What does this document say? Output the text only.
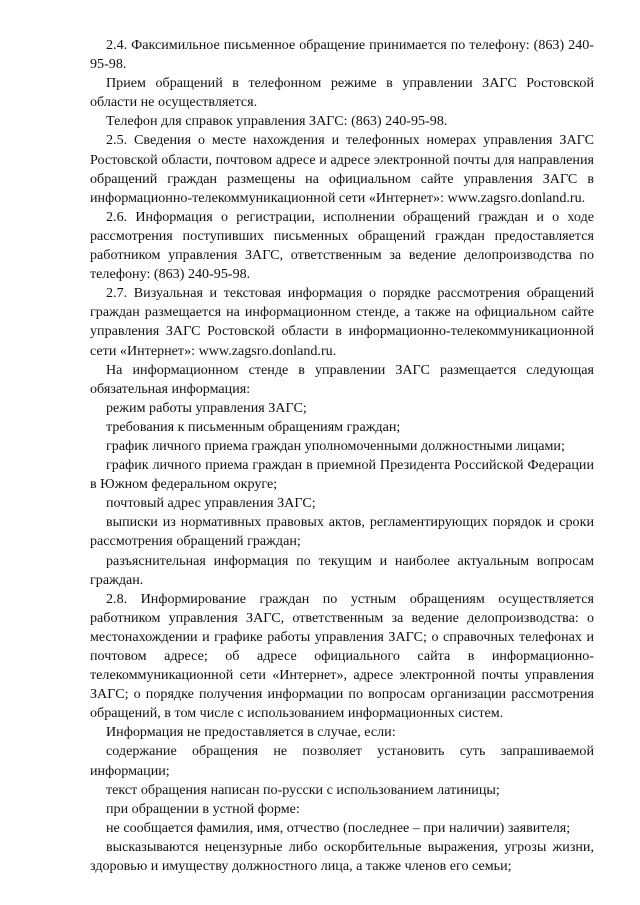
2.4. Факсимильное письменное обращение принимается по телефону: (863) 240-95-98.

Прием обращений в телефонном режиме в управлении ЗАГС Ростовской области не осуществляется.

Телефон для справок управления ЗАГС: (863) 240-95-98.

2.5. Сведения о месте нахождения и телефонных номерах управления ЗАГС Ростовской области, почтовом адресе и адресе электронной почты для направления обращений граждан размещены на официальном сайте управления ЗАГС в информационно-телекоммуникационной сети «Интернет»: www.zagsro.donland.ru.

2.6. Информация о регистрации, исполнении обращений граждан и о ходе рассмотрения поступивших письменных обращений граждан предоставляется работником управления ЗАГС, ответственным за ведение делопроизводства по телефону: (863) 240-95-98.

2.7. Визуальная и текстовая информация о порядке рассмотрения обращений граждан размещается на информационном стенде, а также на официальном сайте управления ЗАГС Ростовской области в информационно-телекоммуникационной сети «Интернет»: www.zagsro.donland.ru.

На информационном стенде в управлении ЗАГС размещается следующая обязательная информация:

режим работы управления ЗАГС;

требования к письменным обращениям граждан;

график личного приема граждан уполномоченными должностными лицами;

график личного приема граждан в приемной Президента Российской Федерации в Южном федеральном округе;

почтовый адрес управления ЗАГС;

выписки из нормативных правовых актов, регламентирующих порядок и сроки рассмотрения обращений граждан;

разъяснительная информация по текущим и наиболее актуальным вопросам граждан.

2.8. Информирование граждан по устным обращениям осуществляется работником управления ЗАГС, ответственным за ведение делопроизводства: о местонахождении и графике работы управления ЗАГС; о справочных телефонах и почтовом адресе; об адресе официального сайта в информационно-телекоммуникационной сети «Интернет», адресе электронной почты управления ЗАГС; о порядке получения информации по вопросам организации рассмотрения обращений, в том числе с использованием информационных систем.

Информация не предоставляется в случае, если:

содержание обращения не позволяет установить суть запрашиваемой информации;

текст обращения написан по-русски с использованием латиницы;

при обращении в устной форме:

не сообщается фамилия, имя, отчество (последнее – при наличии) заявителя;

высказываются нецензурные либо оскорбительные выражения, угрозы жизни, здоровью и имуществу должностного лица, а также членов его семьи;
